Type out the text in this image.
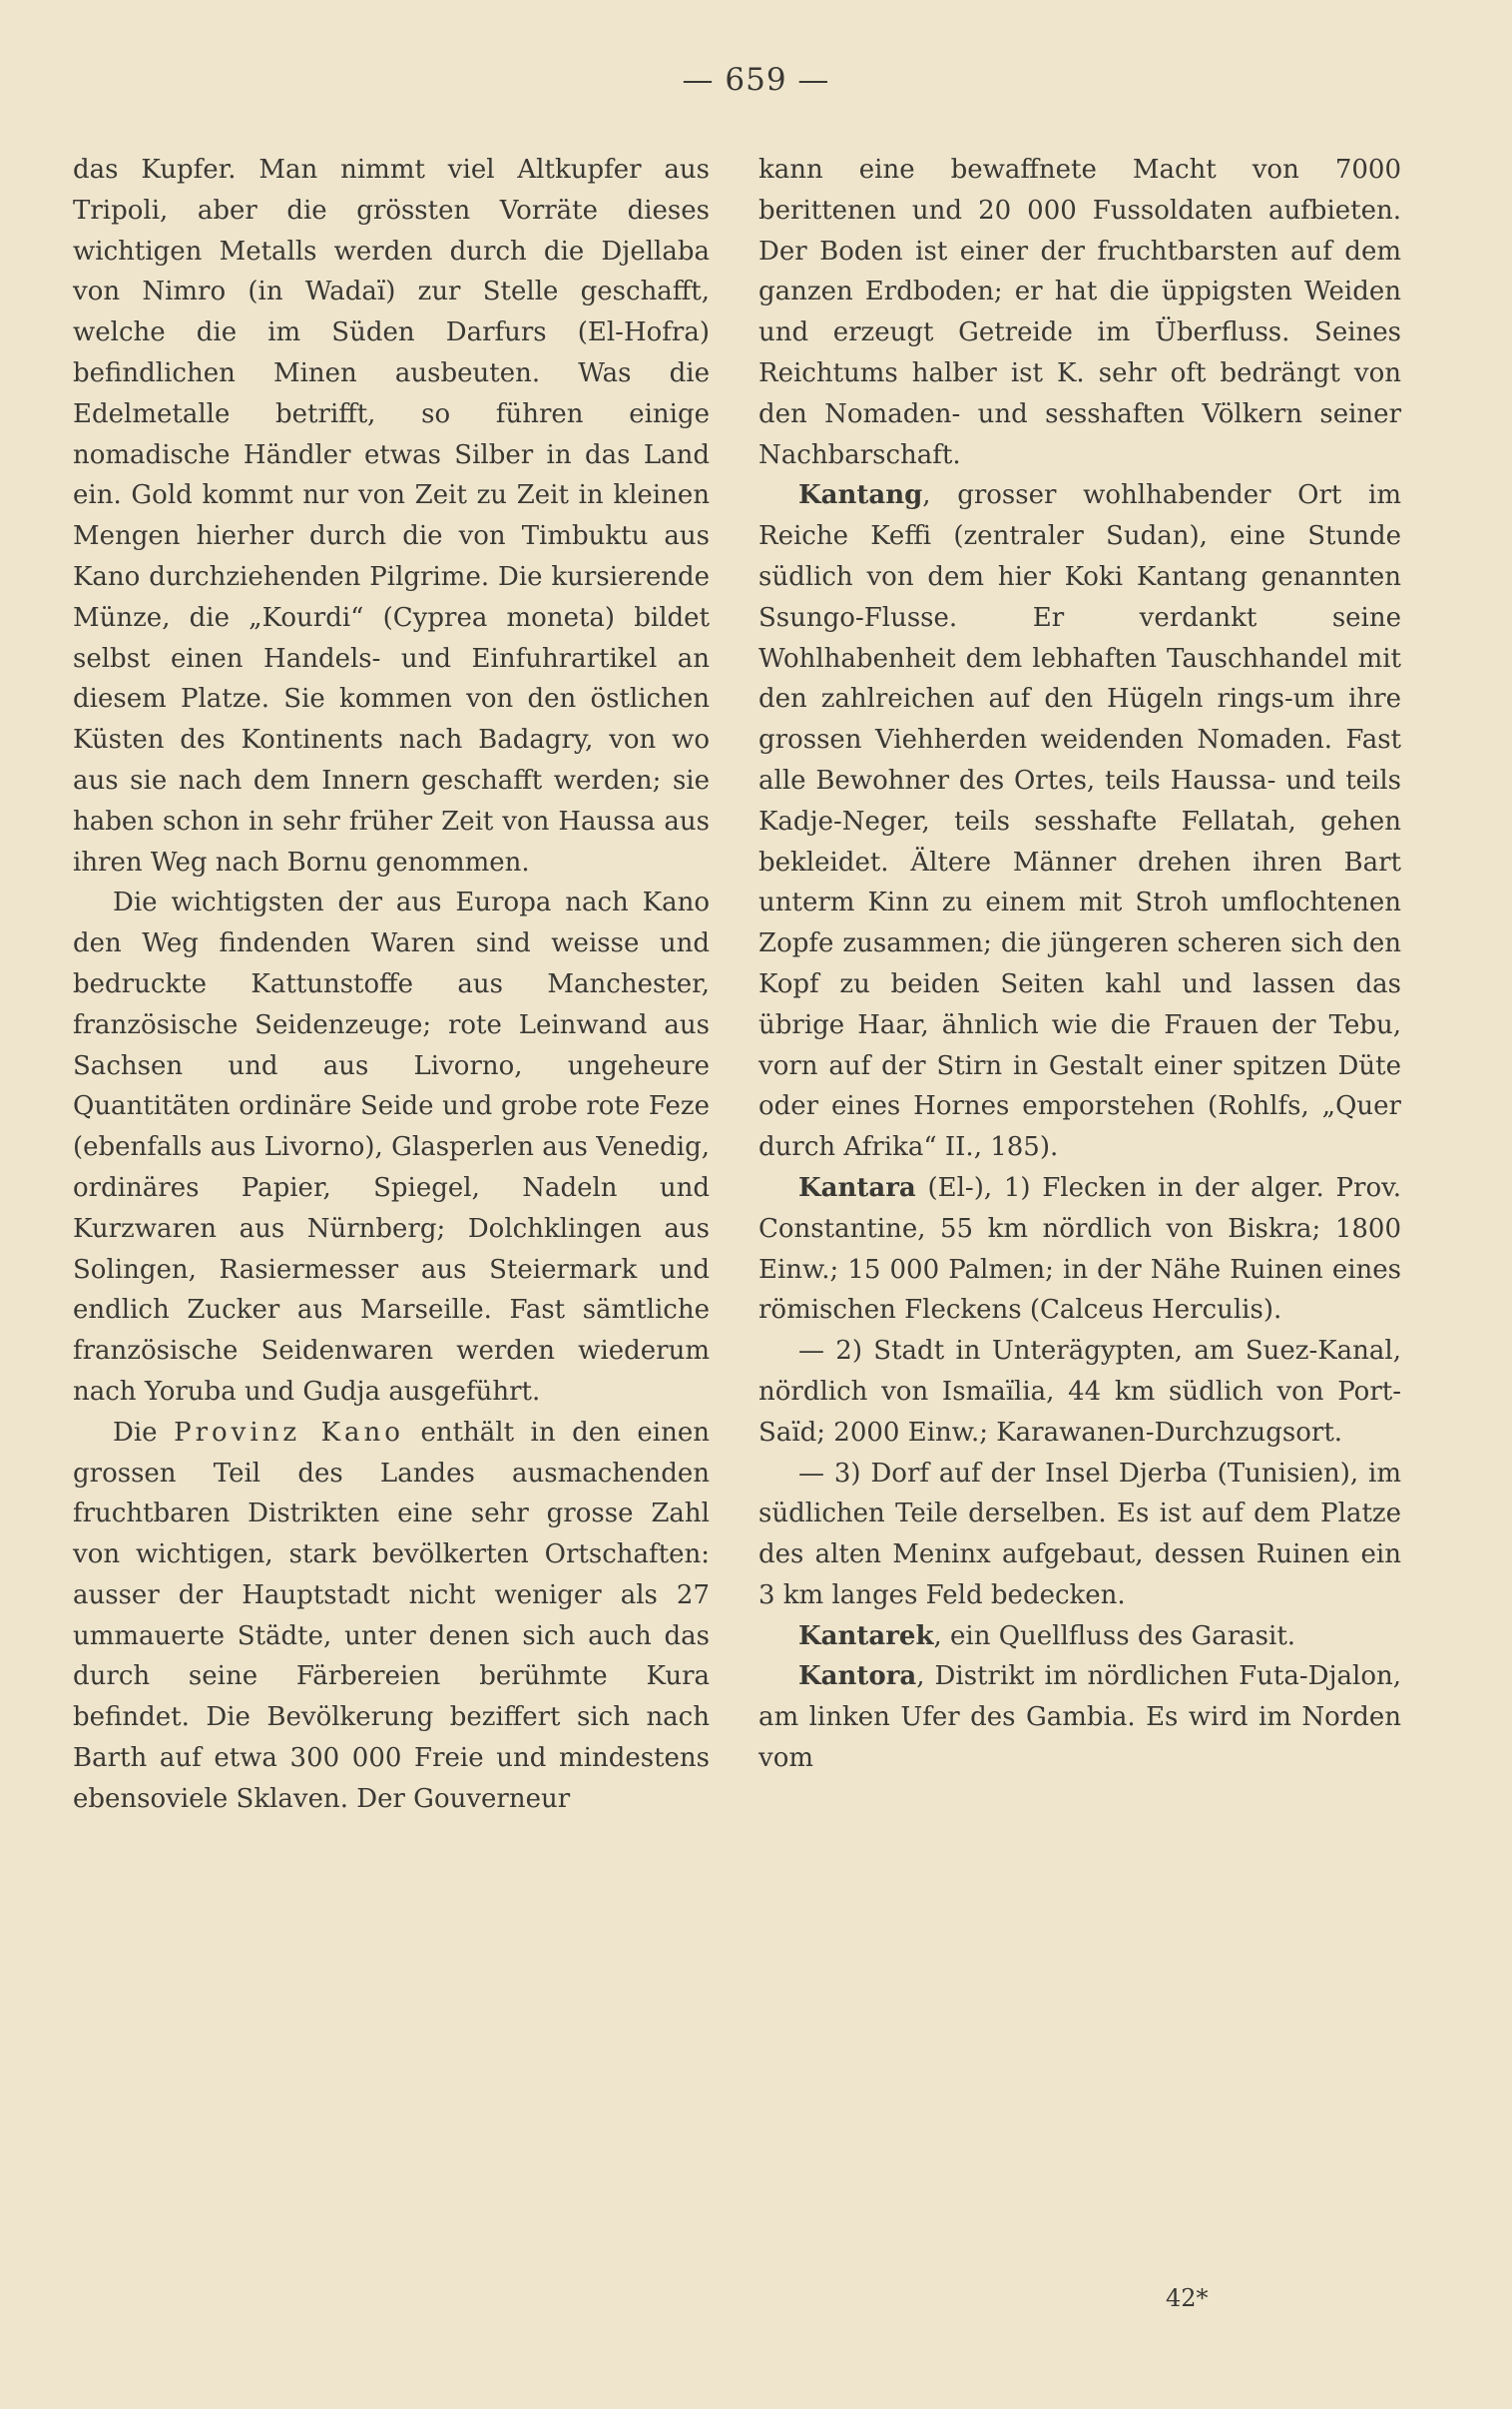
— 659 —

das Kupfer. Man nimmt viel Altkupfer aus Tripoli, aber die grössten Vorräte dieses wichtigen Metalls werden durch die Djellaba von Nimro (in Wadaï) zur Stelle geschafft, welche die im Süden Darfurs (El-Hofra) befindlichen Minen ausbeuten. Was die Edelmetalle betrifft, so führen einige nomadische Händler etwas Silber in das Land ein. Gold kommt nur von Zeit zu Zeit in kleinen Mengen hierher durch die von Timbuktu aus Kano durchziehenden Pilgrime. Die kursierende Münze, die „Kourdi“ (Cyprea moneta) bildet selbst einen Handels- und Einfuhrartikel an diesem Platze. Sie kommen von den östlichen Küsten des Kontinents nach Badagry, von wo aus sie nach dem Innern geschafft werden; sie haben schon in sehr früher Zeit von Haussa aus ihren Weg nach Bornu genommen.

Die wichtigsten der aus Europa nach Kano den Weg findenden Waren sind weisse und bedruckte Kattunstoffe aus Manchester, französische Seidenzeuge; rote Leinwand aus Sachsen und aus Livorno, ungeheure Quantitäten ordinäre Seide und grobe rote Feze (ebenfalls aus Livorno), Glasperlen aus Venedig, ordinäres Papier, Spiegel, Nadeln und Kurzwaren aus Nürnberg; Dolchklingen aus Solingen, Rasiermesser aus Steiermark und endlich Zucker aus Marseille. Fast sämtliche französische Seidenwaren werden wiederum nach Yoruba und Gudja ausgeführt.

Die Provinz Kano enthält in den einen grossen Teil des Landes ausmachenden fruchtbaren Distrikten eine sehr grosse Zahl von wichtigen, stark bevölkerten Ortschaften: ausser der Hauptstadt nicht weniger als 27 ummauerte Städte, unter denen sich auch das durch seine Färbereien berühmte Kura befindet. Die Bevölkerung beziffert sich nach Barth auf etwa 300 000 Freie und mindestens ebensoviele Sklaven. Der Gouverneur

kann eine bewaffnete Macht von 7000 berittenen und 20 000 Fussoldaten aufbieten. Der Boden ist einer der fruchtbarsten auf dem ganzen Erdboden; er hat die üppigsten Weiden und erzeugt Getreide im Überfluss. Seines Reichtums halber ist K. sehr oft bedrängt von den Nomaden- und sesshaften Völkern seiner Nachbarschaft.

Kantang, grosser wohlhabender Ort im Reiche Keffi (zentraler Sudan), eine Stunde südlich von dem hier Koki Kantang genannten Ssungo-Flusse. Er verdankt seine Wohlhabenheit dem lebhaften Tauschhandel mit den zahlreichen auf den Hügeln rings-um ihre grossen Viehherden weidenden Nomaden. Fast alle Bewohner des Ortes, teils Haussa- und teils Kadje-Neger, teils sesshafte Fellatah, gehen bekleidet. Ältere Männer drehen ihren Bart unterm Kinn zu einem mit Stroh umflochtenen Zopfe zusammen; die jüngeren scheren sich den Kopf zu beiden Seiten kahl und lassen das übrige Haar, ähnlich wie die Frauen der Tebu, vorn auf der Stirn in Gestalt einer spitzen Düte oder eines Hornes emporstehen (Rohlfs, „Quer durch Afrika“ II., 185).

Kantara (El-), 1) Flecken in der alger. Prov. Constantine, 55 km nördlich von Biskra; 1800 Einw.; 15 000 Palmen; in der Nähe Ruinen eines römischen Fleckens (Calceus Herculis).

— 2) Stadt in Unterägypten, am Suez-Kanal, nördlich von Ismaïlia, 44 km südlich von Port-Saïd; 2000 Einw.; Karawanen-Durchzugsort.

— 3) Dorf auf der Insel Djerba (Tunisien), im südlichen Teile derselben. Es ist auf dem Platze des alten Meninx aufgebaut, dessen Ruinen ein 3 km langes Feld bedecken.

Kantarek, ein Quellfluss des Garasit.

Kantora, Distrikt im nördlichen Futa-Djalon, am linken Ufer des Gambia. Es wird im Norden vom

42*
